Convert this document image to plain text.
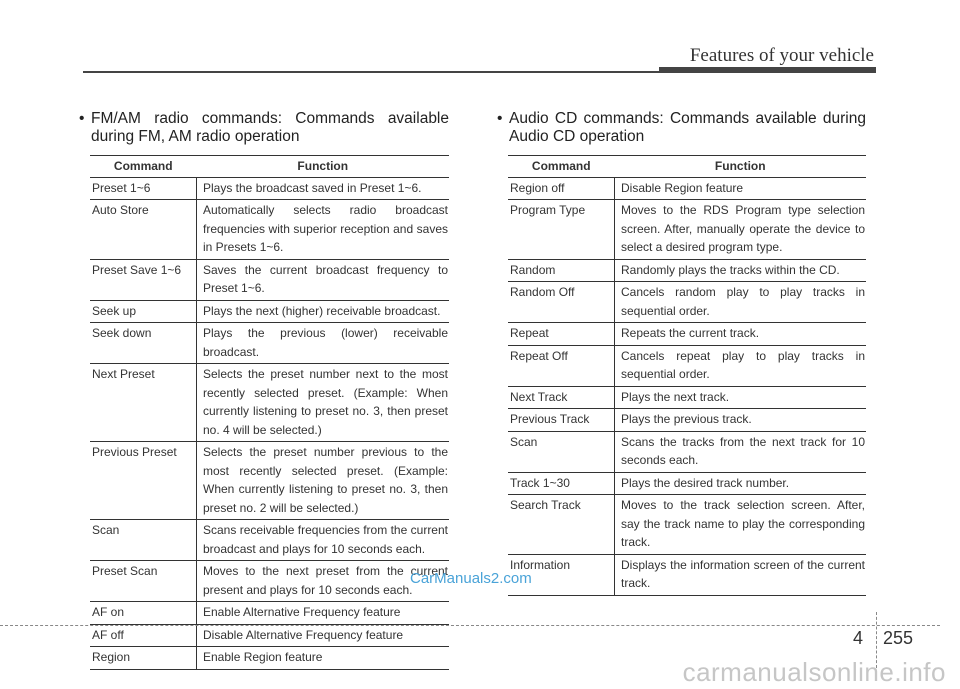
Features of your vehicle

• FM/AM radio commands: Commands available during FM, AM radio operation

Command	Function
Preset 1~6	Plays the broadcast saved in Preset 1~6.
Auto Store	Automatically selects radio broadcast frequencies with superior reception and saves in Presets 1~6.
Preset Save 1~6	Saves the current broadcast frequency to Preset 1~6.
Seek up	Plays the next (higher) receivable broadcast.
Seek down	Plays the previous (lower) receivable broadcast.
Next Preset	Selects the preset number next to the most recently selected preset. (Example: When currently listening to preset no. 3, then preset no. 4 will be selected.)
Previous Preset	Selects the preset number previous to the most recently selected preset. (Example: When currently listening to preset no. 3, then preset no. 2 will be selected.)
Scan	Scans receivable frequencies from the current broadcast and plays for 10 seconds each.
Preset Scan	Moves to the next preset from the current present and plays for 10 seconds each.
AF on	Enable Alternative Frequency feature
AF off	Disable Alternative Frequency feature
Region	Enable Region feature

• Audio CD commands: Commands available during Audio CD operation

Command	Function
Region off	Disable Region feature
Program Type	Moves to the RDS Program type selection screen. After, manually operate the device to select a desired program type.
Random	Randomly plays the tracks within the CD.
Random Off	Cancels random play to play tracks in sequential order.
Repeat	Repeats the current track.
Repeat Off	Cancels repeat play to play tracks in sequential order.
Next Track	Plays the next track.
Previous Track	Plays the previous track.
Scan	Scans the tracks from the next track for 10 seconds each.
Track 1~30	Plays the desired track number.
Search Track	Moves to the track selection screen. After, say the track name to play the corresponding track.
Information	Displays the information screen of the current track.
CarManuals2.com
4 255
carmanualsonline.info
